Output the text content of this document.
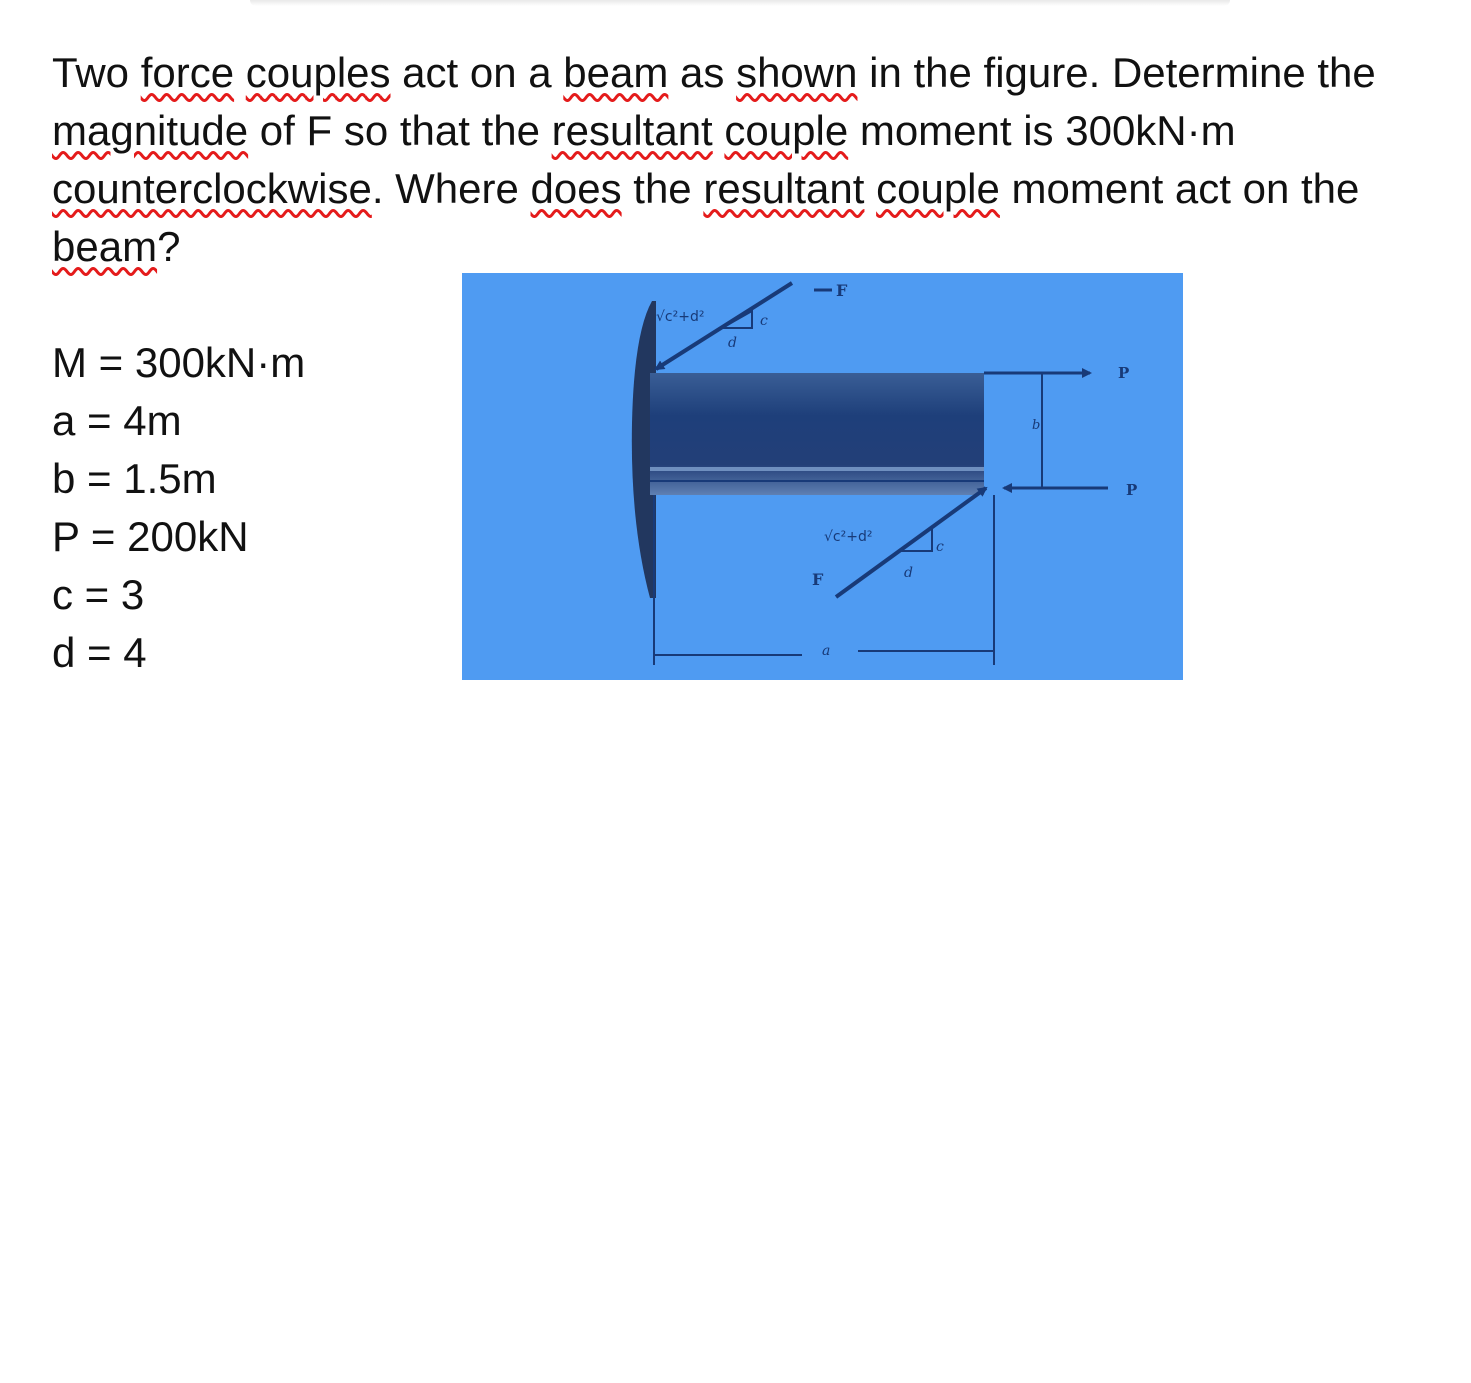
Two force couples act on a beam as shown in the figure. Determine the magnitude of F so that the resultant couple moment is 300kN·m counterclockwise. Where does the resultant couple moment act on the beam?

M = 300kN·m
a = 4m
b = 1.5m
P = 200kN
c = 3
d = 4
√c²+d²	c
d
F
P
P
b
√c²+d²
c
d
F
a
